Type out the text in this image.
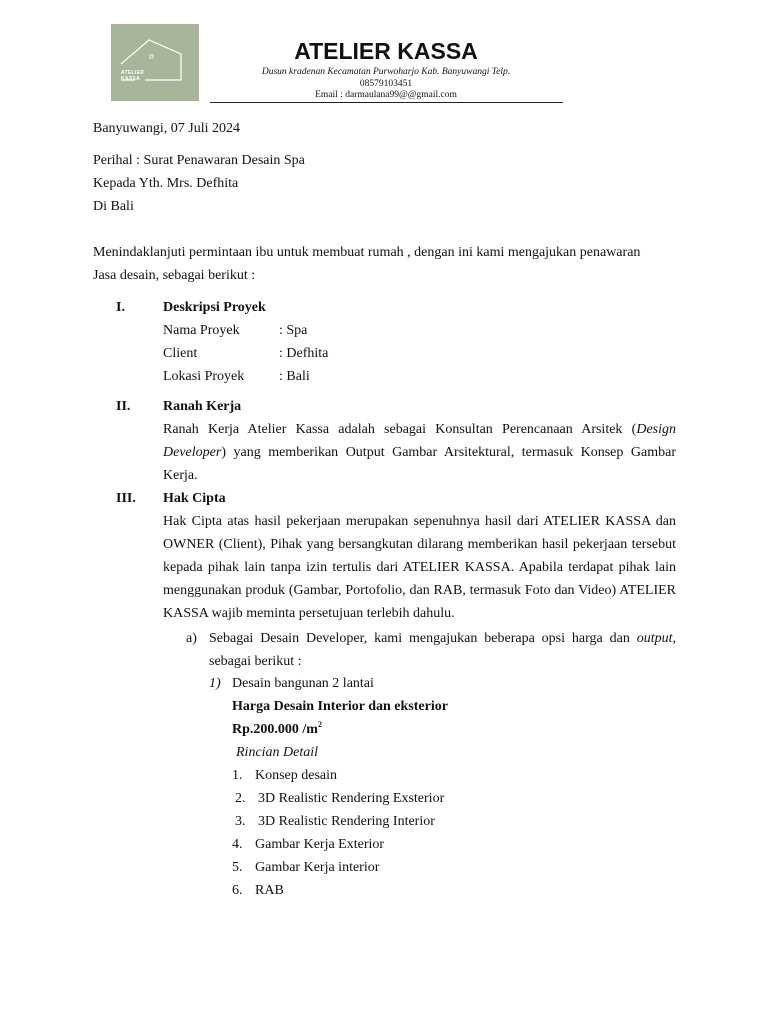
ATELIER
KASSA
ATELIER KASSA
Dusun kradenan Kecamatan Purwoharjo Kab. Banyuwangi Telp.
08579103451
Email : darmaulana99@@gmail.com
Banyuwangi, 07 Juli 2024
Perihal : Surat Penawaran Desain Spa
Kepada Yth. Mrs. Defhita
Di Bali
Menindaklanjuti permintaan ibu untuk membuat rumah , dengan ini kami mengajukan penawaran
Jasa desain, sebagai berikut :
I.	Deskripsi Proyek
Nama Proyek	: Spa
Client	: Defhita
Lokasi Proyek : Bali
II. Ranah Kerja
Ranah Kerja Atelier Kassa adalah sebagai Konsultan Perencanaan Arsitek (Design Developer) yang memberikan Output Gambar Arsitektural, termasuk Konsep Gambar Kerja.
III. Hak Cipta
Hak Cipta atas hasil pekerjaan merupakan sepenuhnya hasil dari ATELIER KASSA dan OWNER (Client), Pihak yang bersangkutan dilarang memberikan hasil pekerjaan tersebut kepada pihak lain tanpa izin tertulis dari ATELIER KASSA. Apabila terdapat pihak lain menggunakan produk (Gambar, Portofolio, dan RAB, termasuk Foto dan Video) ATELIER KASSA wajib meminta persetujuan terlebih dahulu.
a) Sebagai Desain Developer, kami mengajukan beberapa opsi harga dan output, sebagai berikut :
1) Desain bangunan 2 lantai
Harga Desain Interior dan eksterior
Rp.200.000 $/m^2$
Rincian Detail
1. Konsep desain
2. 3D Realistic Rendering Exsterior
3. 3D Realistic Rendering Interior
4. Gambar Kerja Exterior
5. Gambar Kerja interior
6. RAB
